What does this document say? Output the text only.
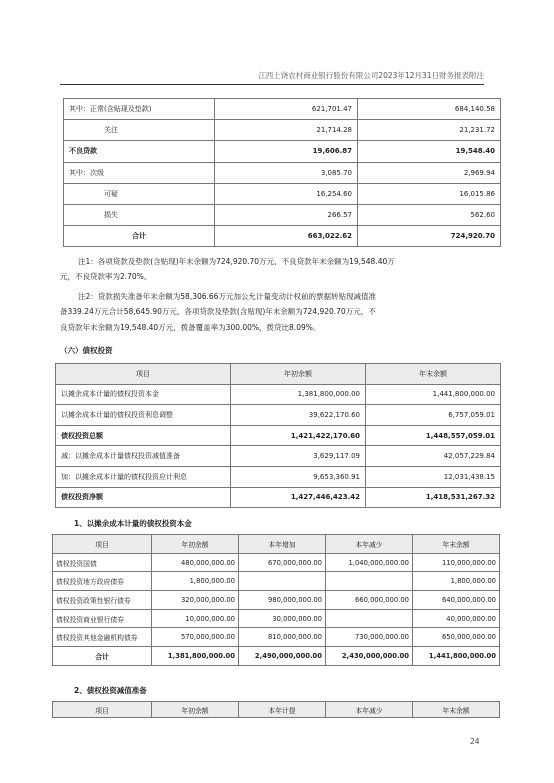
江西上饶农村商业银行股份有限公司2023年12月31日财务报表附注
其中：正常(含贴现及垫款)	621,701.47	684,140.58
关注	21,714.28	21,231.72
不良贷款	19,606.87	19,548.40
其中：次级	3,085.70	2,969.94
可疑	16,254.60	16,015.86
损失	266.57	562.60
合计	663,022.62	724,920.70
注1：各项贷款及垫款(含贴现)年末余额为724,920.70万元，不良贷款年末余额为19,548.40万
元，不良贷款率为2.70%。
注2：贷款损失准备年末余额为58,306.66万元加公允计量变动计权前的票据转贴现减值准
备339.24万元合计58,645.90万元，各项贷款及垫款(含贴现)年末余额为724,920.70万元，不
良贷款年末余额为19,548.40万元，拨备覆盖率为300.00%，拨贷比8.09%。
（六）债权投资
项目	年初余额	年末余额
以摊余成本计量的债权投资本金	1,381,800,000.00	1,441,800,000.00
以摊余成本计量的债权投资利息调整	39,622,170.60	6,757,059.01
债权投资总额	1,421,422,170.60	1,448,557,059.01
减：以摊余成本计量债权投资减值准备	3,629,117.09	42,057,229.84
加：以摊余成本计量的债权投资应计利息	9,653,360.91	12,031,438.15
债权投资净额	1,427,446,423.42	1,418,531,267.32
1、以摊余成本计量的债权投资本金
项目	年初余额	本年增加	本年减少	年末余额
债权投资国债	480,000,000.00	670,000,000.00	1,040,000,000.00	110,000,000.00
债权投资地方政府债券	1,800,000.00			1,800,000.00
债权投资政策性银行债券	320,000,000.00	980,000,000.00	660,000,000.00	640,000,000.00
债权投资商业银行债券	10,000,000.00	30,000,000.00		40,000,000.00
债权投资其他金融机构债券	570,000,000.00	810,000,000.00	730,000,000.00	650,000,000.00
合计	1,381,800,000.00	2,490,000,000.00	2,430,000,000.00	1,441,800,000.00
2、债权投资减值准备
项目	年初余额	本年计提	本年减少	年末余额
24
